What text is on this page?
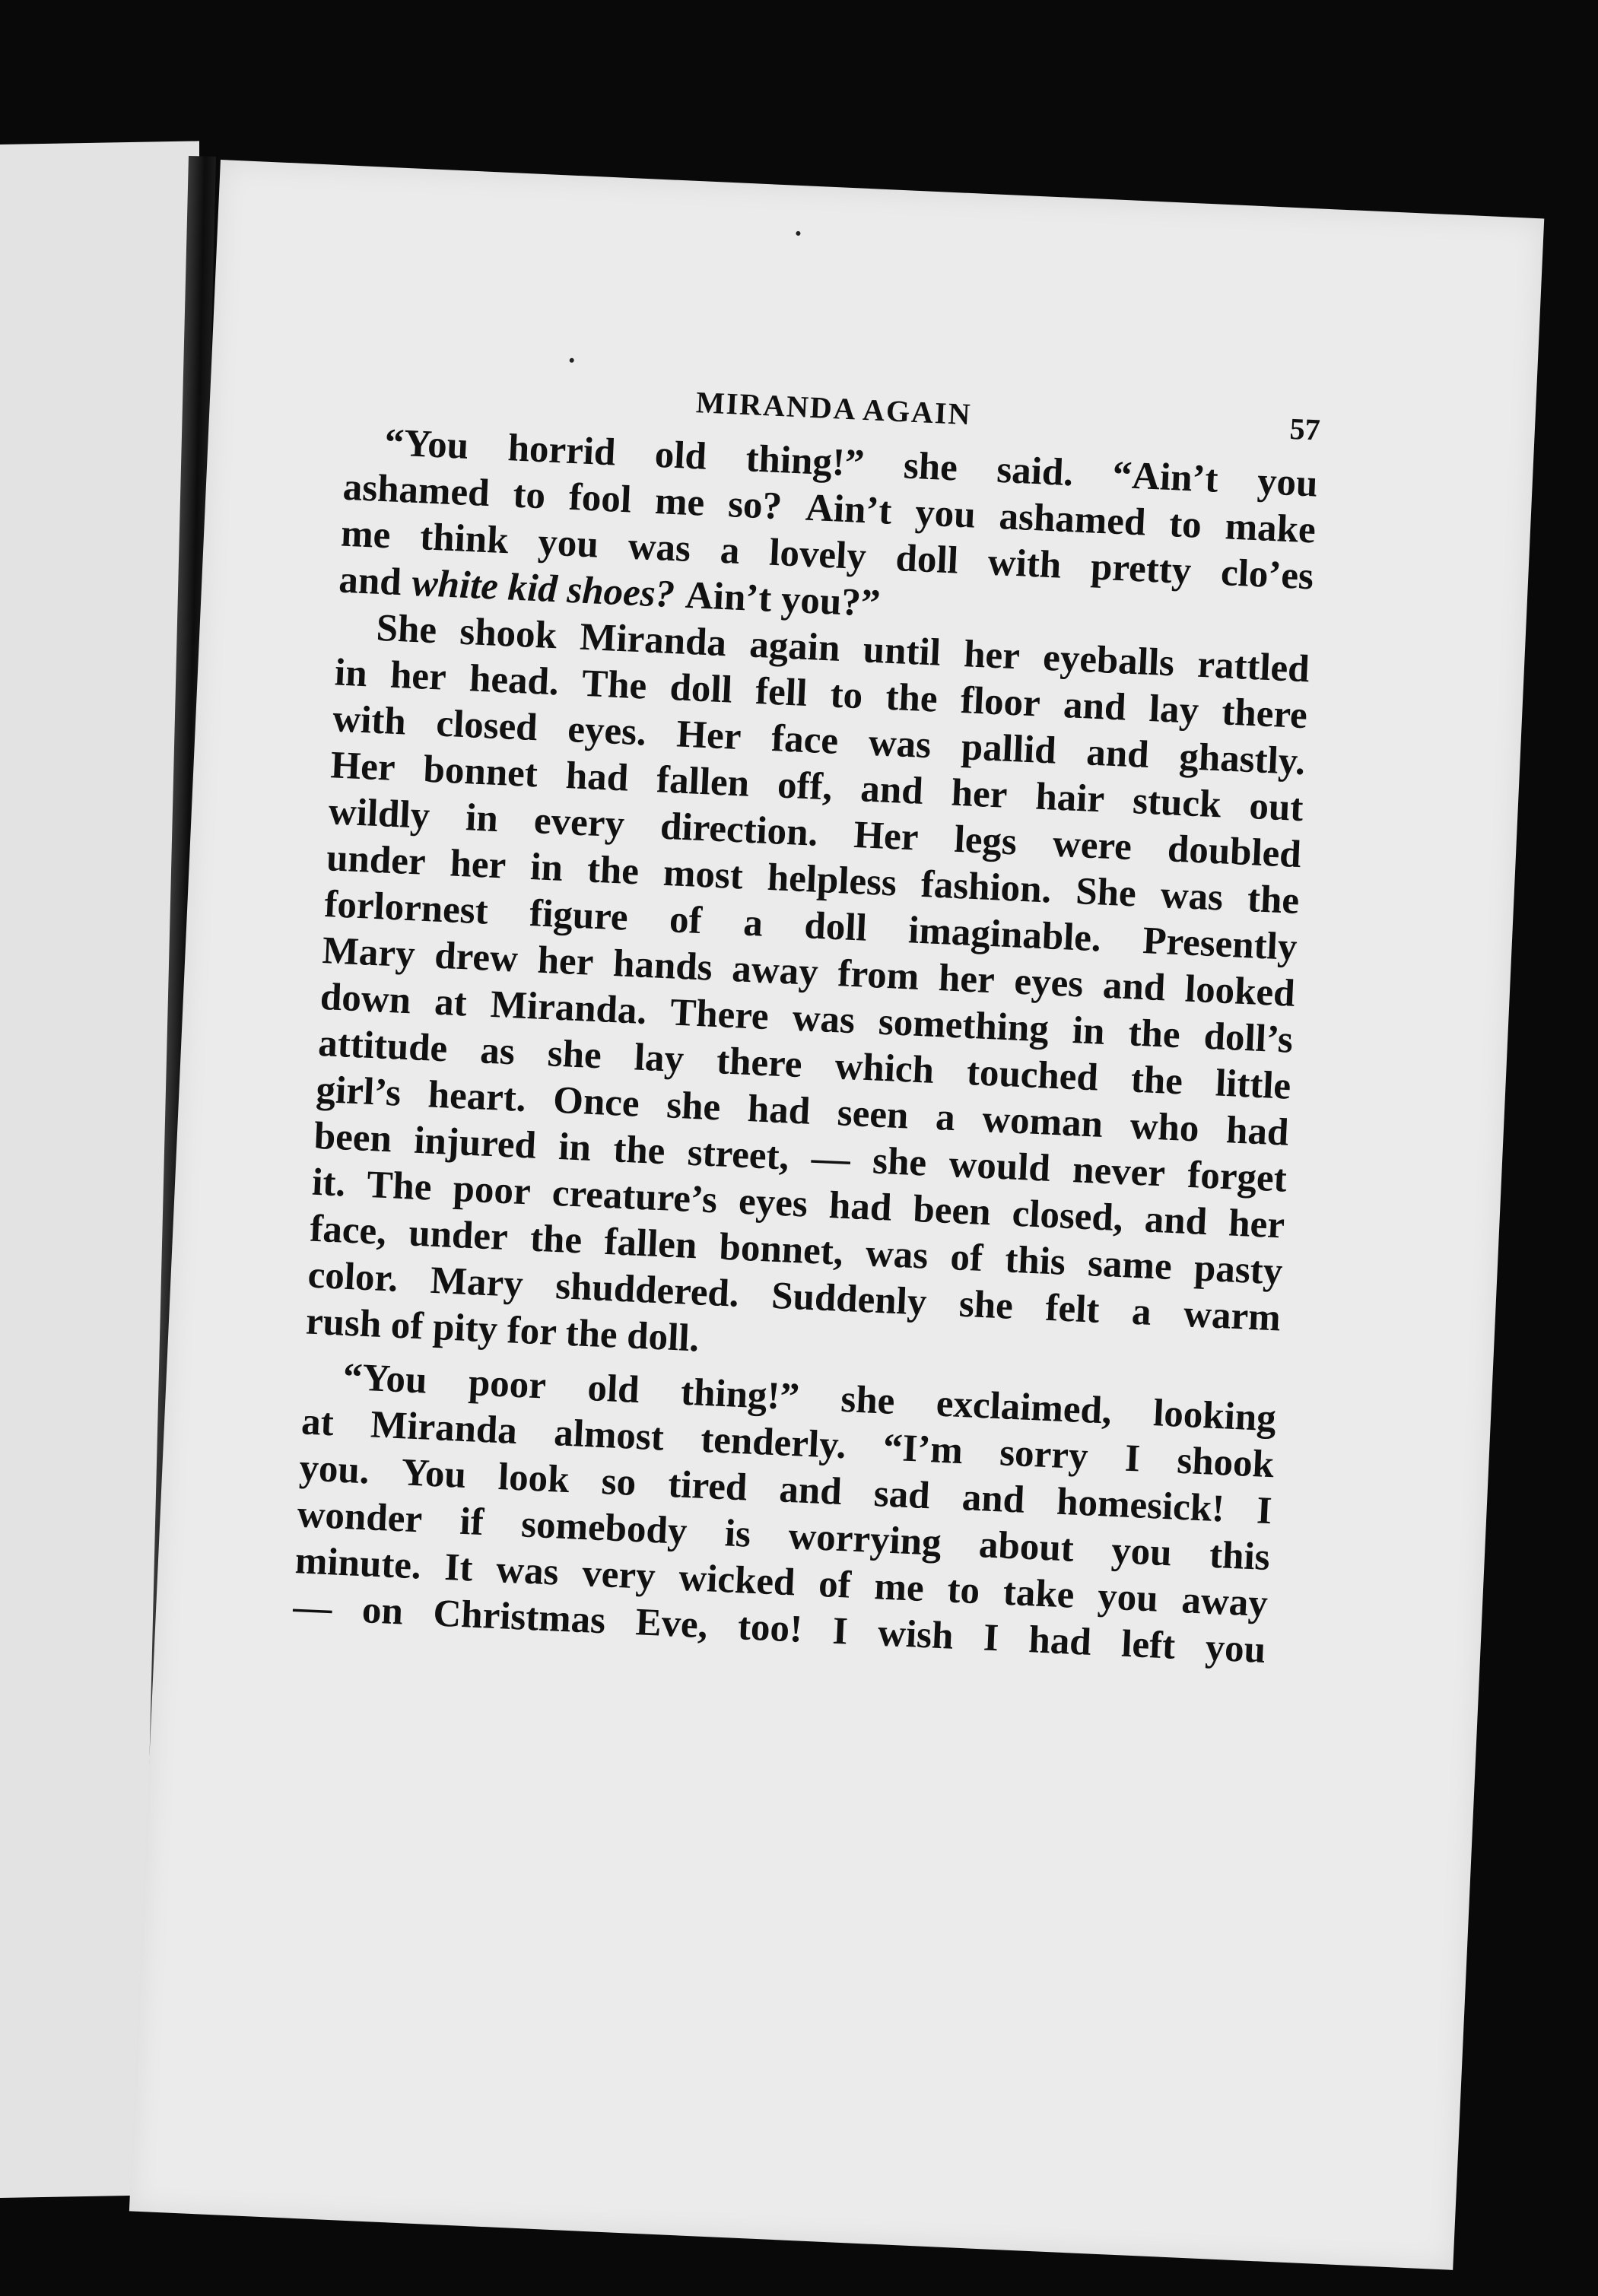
MIRANDA AGAIN	57
“You horrid old thing!” she said. “Ain’t you
ashamed to fool me so? Ain’t you ashamed to make
me think you was a lovely doll with pretty clo’es
and white kid shoes? Ain’t you?”
She shook Miranda again until her eyeballs rattled
in her head. The doll fell to the floor and lay there
with closed eyes. Her face was pallid and ghastly.
Her bonnet had fallen off, and her hair stuck out
wildly in every direction. Her legs were doubled
under her in the most helpless fashion. She was the
forlornest figure of a doll imaginable. Presently
Mary drew her hands away from her eyes and looked
down at Miranda. There was something in the doll’s
attitude as she lay there which touched the little
girl’s heart. Once she had seen a woman who had
been injured in the street, — she would never forget
it. The poor creature’s eyes had been closed, and her
face, under the fallen bonnet, was of this same pasty
color. Mary shuddered. Suddenly she felt a warm
rush of pity for the doll.
“You poor old thing!” she exclaimed, looking
at Miranda almost tenderly. “I’m sorry I shook
you. You look so tired and sad and homesick! I
wonder if somebody is worrying about you this
minute. It was very wicked of me to take you away
— on Christmas Eve, too! I wish I had left you
